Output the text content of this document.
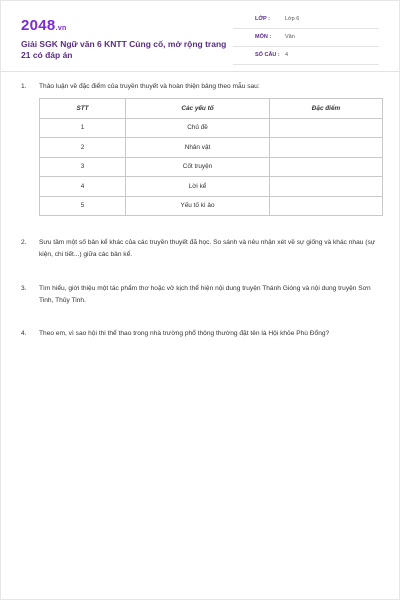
2048.vn
Giải SGK Ngữ văn 6 KNTT Củng cố, mở rộng trang 21 có đáp án
LỚP :	Lớp 6
MÔN :	Văn
SỐ CÂU : 4
1. Thảo luận về đặc điểm của truyền thuyết và hoàn thiện bảng theo mẫu sau:
STT	Các yếu tố	Đặc điểm
1	Chủ đề	
2	Nhân vật	
3	Cốt truyện	
4	Lời kể	
5	Yếu tố kì ảo	
2. Sưu tầm một số bản kể khác của các truyền thuyết đã học. So sánh và nêu nhận xét về sự giống và khác nhau (sự kiện, chi tiết...) giữa các bản kể.
3. Tìm hiểu, giới thiệu một tác phẩm thơ hoặc vở kịch thể hiện nội dung truyện Thánh Gióng và nội dung truyện Sơn Tinh, Thủy Tinh.
4. Theo em, vì sao hội thi thể thao trong nhà trường phổ thông thường đặt tên là Hội khỏe Phù Đổng?
